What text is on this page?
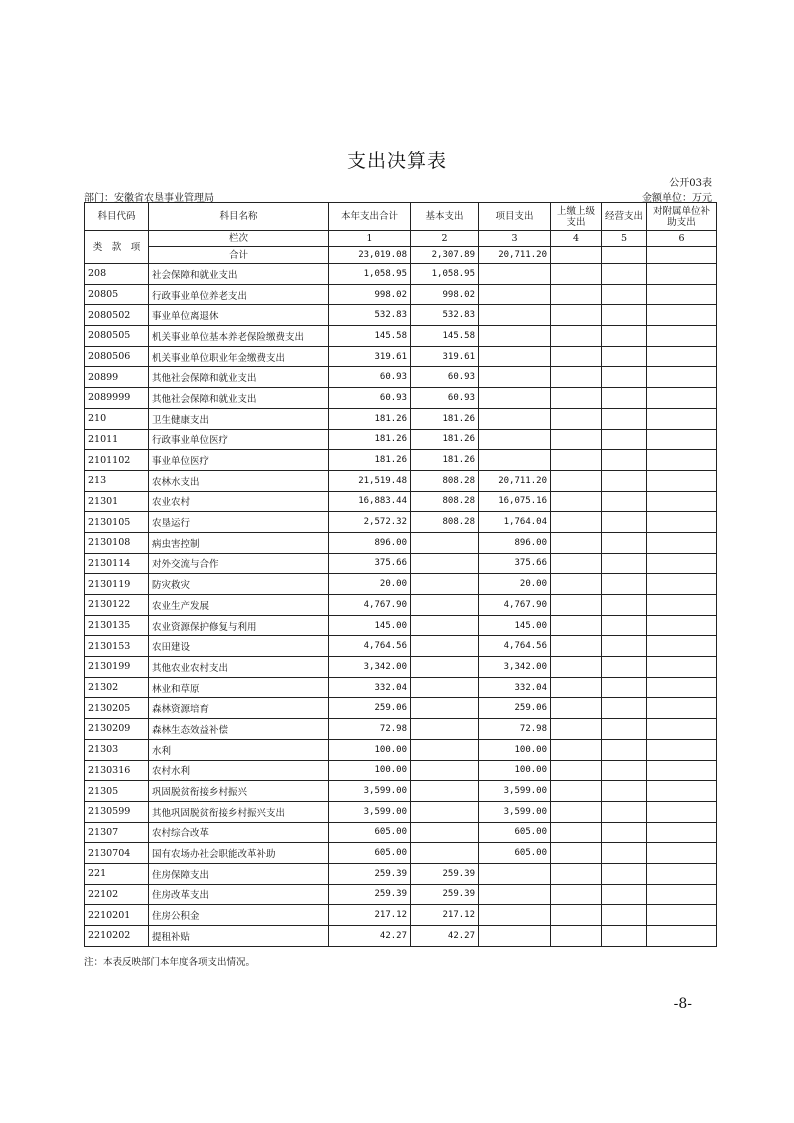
支出决算表
公开03表
部门：安徽省农垦事业管理局	金额单位：万元
科目代码	科目名称	本年支出合计	基本支出	项目支出	上缴上级支出	经营支出	对附属单位补助支出

类 款 项	栏次	1	2	3	4	5	6
	合计	23,019.08	2,307.89	20,711.20			
208	社会保障和就业支出	1,058.95	1,058.95				
20805	行政事业单位养老支出	998.02	998.02				
2080502	事业单位离退休	532.83	532.83				
2080505	机关事业单位基本养老保险缴费支出	145.58	145.58				
2080506	机关事业单位职业年金缴费支出	319.61	319.61				
20899	其他社会保障和就业支出	60.93	60.93				
2089999	其他社会保障和就业支出	60.93	60.93				
210	卫生健康支出	181.26	181.26				
21011	行政事业单位医疗	181.26	181.26				
2101102	事业单位医疗	181.26	181.26				
213	农林水支出	21,519.48	808.28	20,711.20			
21301	农业农村	16,883.44	808.28	16,075.16			
2130105	农垦运行	2,572.32	808.28	1,764.04			
2130108	病虫害控制	896.00		896.00			
2130114	对外交流与合作	375.66		375.66			
2130119	防灾救灾	20.00		20.00			
2130122	农业生产发展	4,767.90		4,767.90			
2130135	农业资源保护修复与利用	145.00		145.00			
2130153	农田建设	4,764.56		4,764.56			
2130199	其他农业农村支出	3,342.00		3,342.00			
21302	林业和草原	332.04		332.04			
2130205	森林资源培育	259.06		259.06			
2130209	森林生态效益补偿	72.98		72.98			
21303	水利	100.00		100.00			
2130316	农村水利	100.00		100.00			
21305	巩固脱贫衔接乡村振兴	3,599.00		3,599.00			
2130599	其他巩固脱贫衔接乡村振兴支出	3,599.00		3,599.00			
21307	农村综合改革	605.00		605.00			
2130704	国有农场办社会职能改革补助	605.00		605.00			
221	住房保障支出	259.39	259.39				
22102	住房改革支出	259.39	259.39				
2210201	住房公积金	217.12	217.12				
2210202	提租补贴	42.27	42.27				
注：本表反映部门本年度各项支出情况。
-8-
